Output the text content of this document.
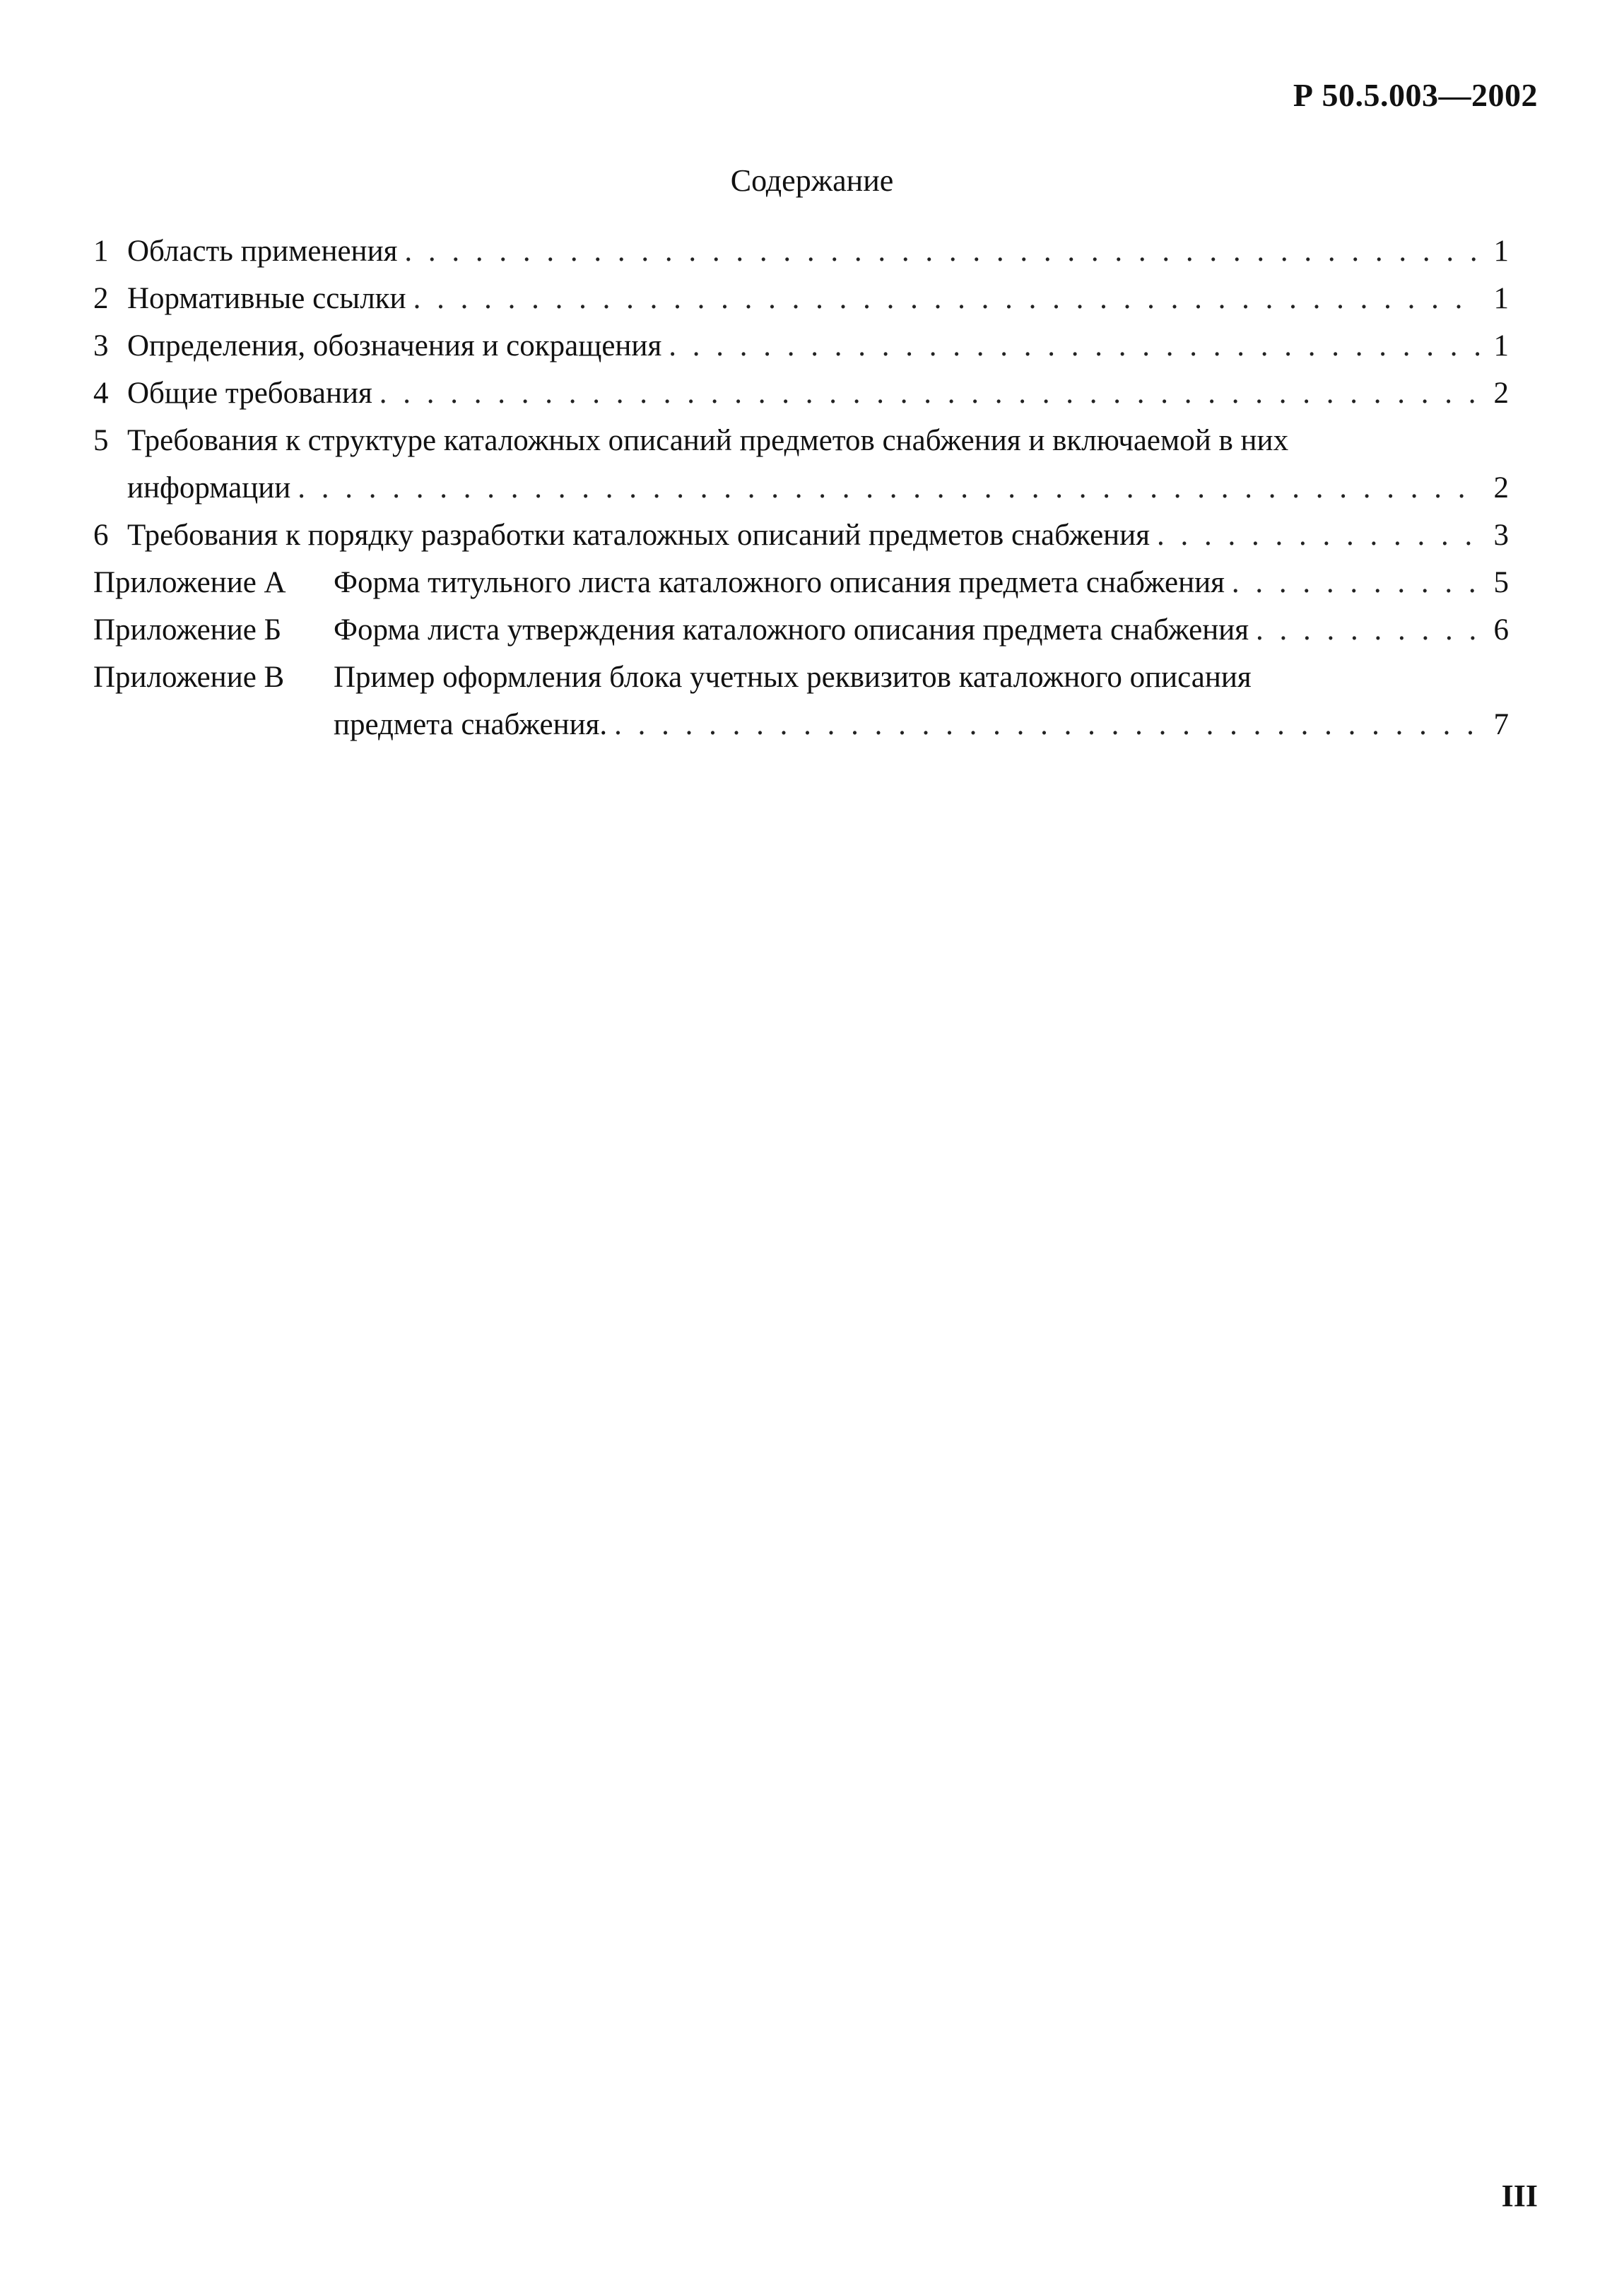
Р 50.5.003—2002
Содержание
1 Область применения . . .	1
2 Нормативные ссылки . . .	1
3 Определения, обозначения и сокращения . . .	1
4 Общие требования . . .	2
5 Требования к структуре каталожных описаний предметов снабжения и включаемой в них
информации . . .	2
6 Требования к порядку разработки каталожных описаний предметов снабжения . . .	3
Приложение А	Форма титульного листа каталожного описания предмета снабжения . . .	5
Приложение Б	Форма листа утверждения каталожного описания предмета снабжения . . .	6
Приложение В	Пример оформления блока учетных реквизитов каталожного описания
предмета снабжения. . . .	7
III
